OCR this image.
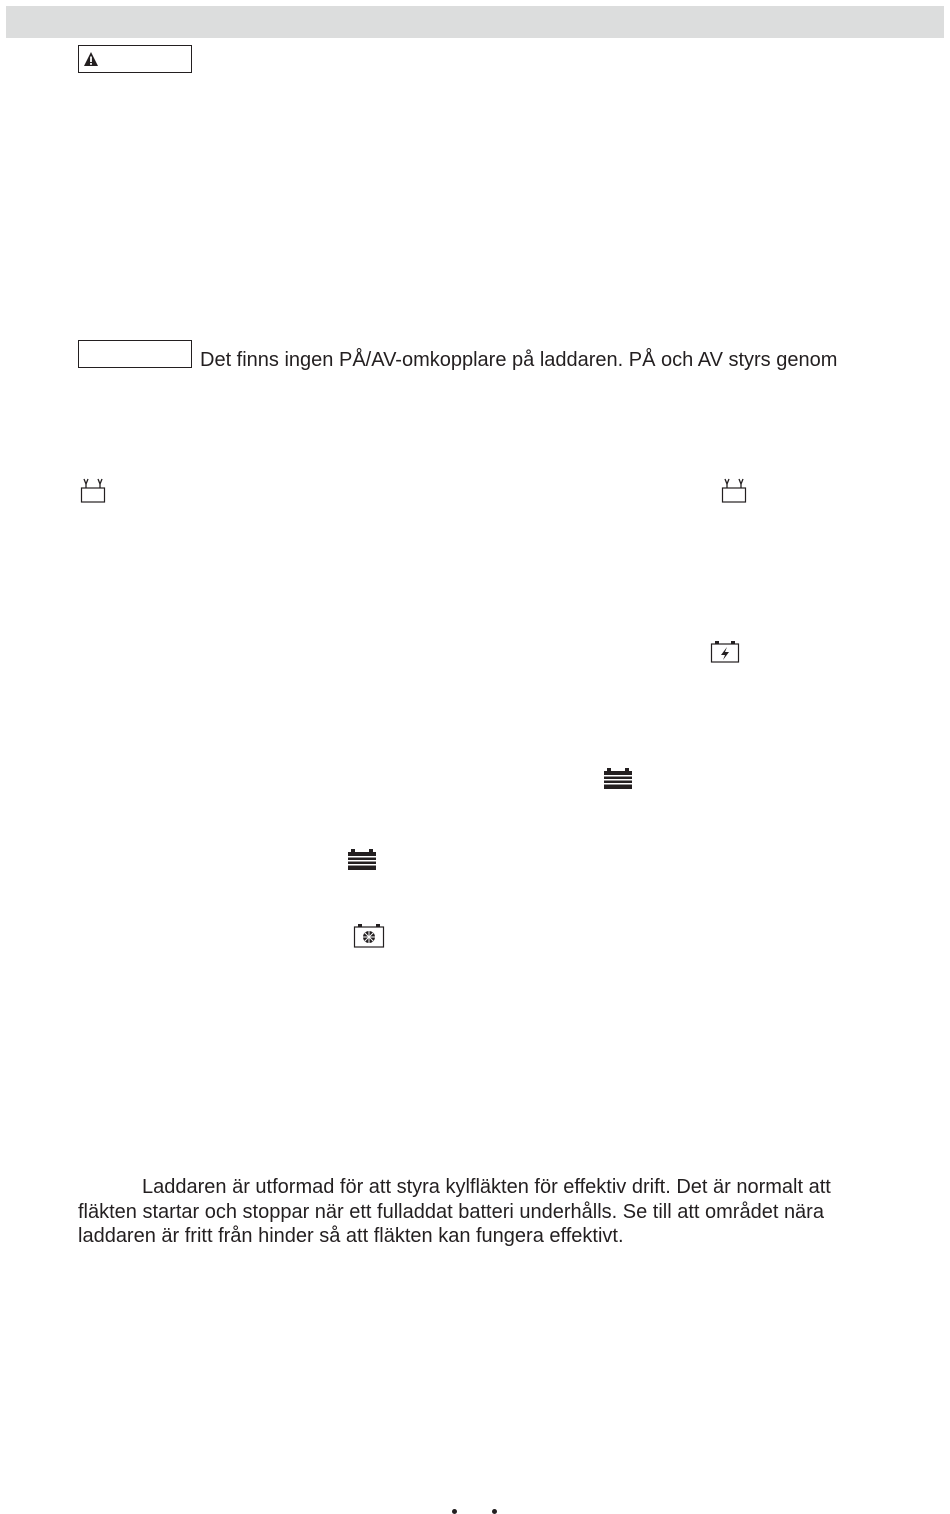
Det finns ingen PÅ/AV-omkopplare på laddaren. PÅ och AV styrs genom
Laddaren är utformad för att styra kylfläkten för effektiv drift. Det är normalt att
fläkten startar och stoppar när ett fulladdat batteri underhålls. Se till att området nära
laddaren är fritt från hinder så att fläkten kan fungera effektivt.
